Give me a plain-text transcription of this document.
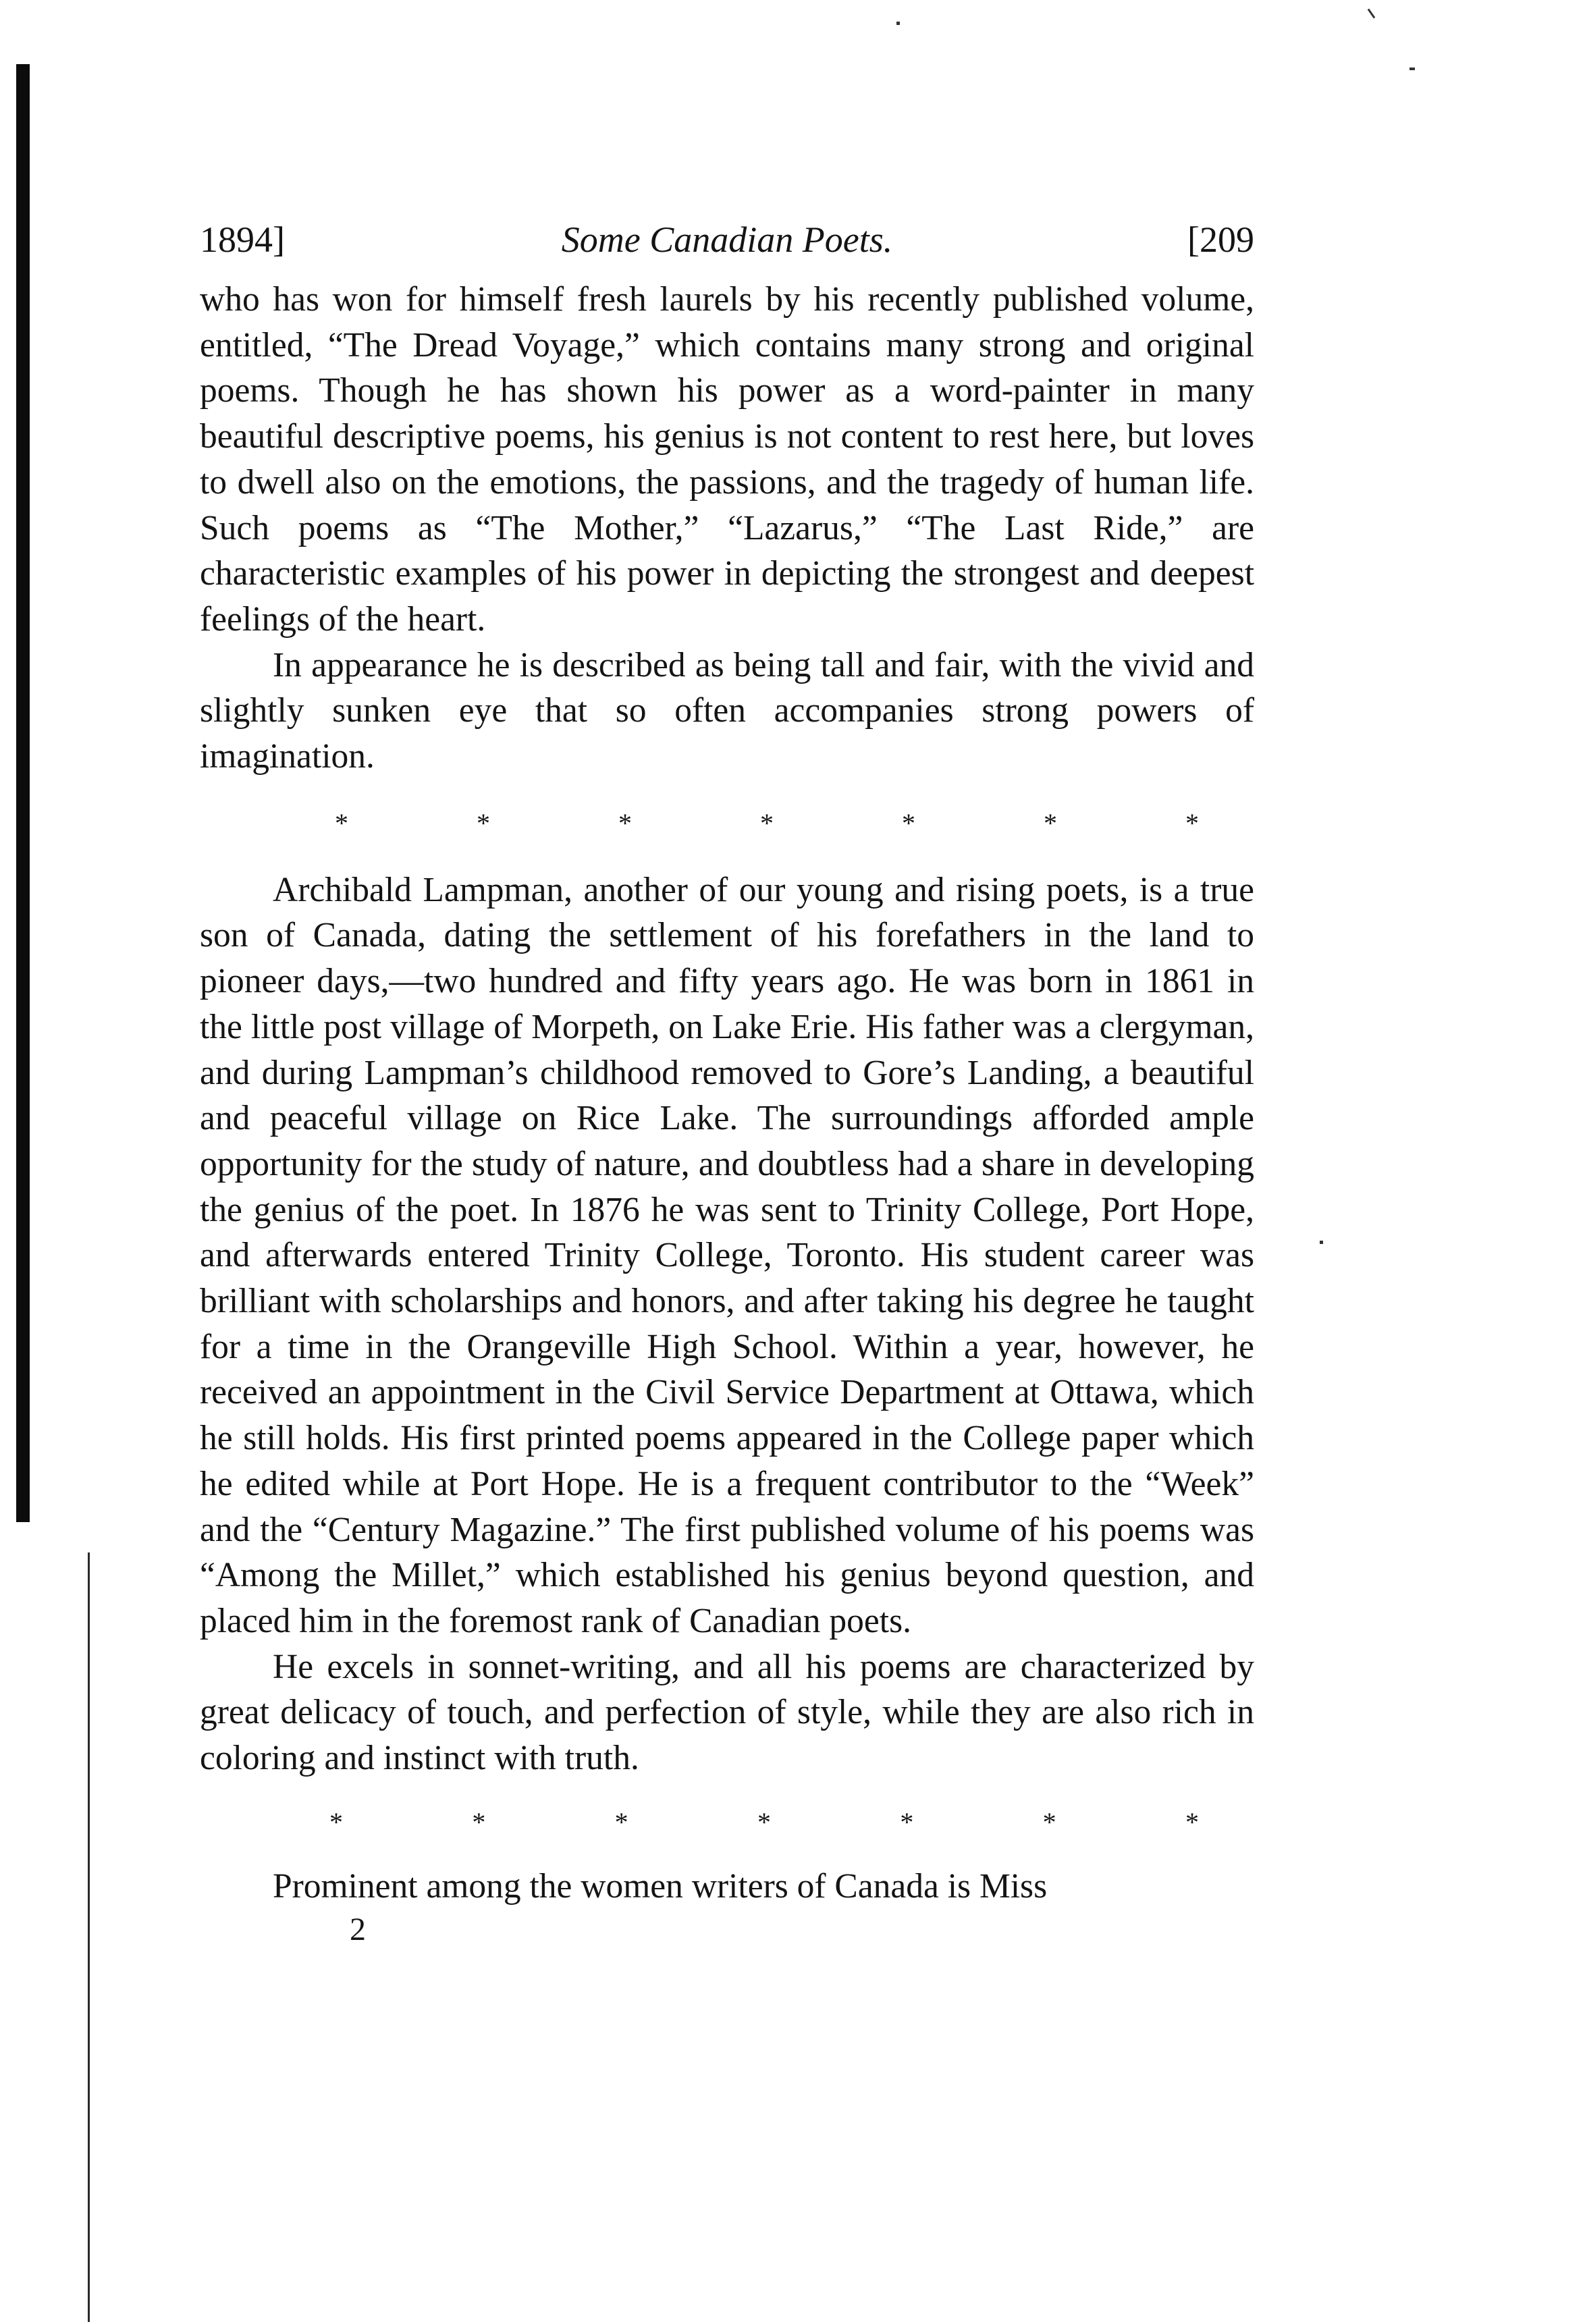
1894]	Some Canadian Poets.	[209

who has won for himself fresh laurels by his recently published volume, entitled, “The Dread Voyage,” which contains many strong and original poems. Though he has shown his power as a word-painter in many beautiful descriptive poems, his genius is not content to rest here, but loves to dwell also on the emotions, the passions, and the tragedy of human life. Such poems as “The Mother,” “Lazarus,” “The Last Ride,” are characteristic examples of his power in depicting the strongest and deepest feelings of the heart.

In appearance he is described as being tall and fair, with the vivid and slightly sunken eye that so often accompanies strong powers of imagination.

*	*	*	*	*	*	*

Archibald Lampman, another of our young and rising poets, is a true son of Canada, dating the settlement of his forefathers in the land to pioneer days,—two hundred and fifty years ago. He was born in 1861 in the little post village of Morpeth, on Lake Erie. His father was a clergyman, and during Lampman’s childhood removed to Gore’s Landing, a beautiful and peaceful village on Rice Lake. The surroundings afforded ample opportunity for the study of nature, and doubtless had a share in developing the genius of the poet. In 1876 he was sent to Trinity College, Port Hope, and afterwards entered Trinity College, Toronto. His student career was brilliant with scholarships and honors, and after taking his degree he taught for a time in the Orangeville High School. Within a year, however, he received an appointment in the Civil Service Department at Ottawa, which he still holds. His first printed poems appeared in the College paper which he edited while at Port Hope. He is a frequent contributor to the “Week” and the “Century Magazine.” The first published volume of his poems was “Among the Millet,” which established his genius beyond question, and placed him in the foremost rank of Canadian poets.

He excels in sonnet-writing, and all his poems are characterized by great delicacy of touch, and perfection of style, while they are also rich in coloring and instinct with truth.

*	*	*	*	*	*	*

Prominent among the women writers of Canada is Miss

2
